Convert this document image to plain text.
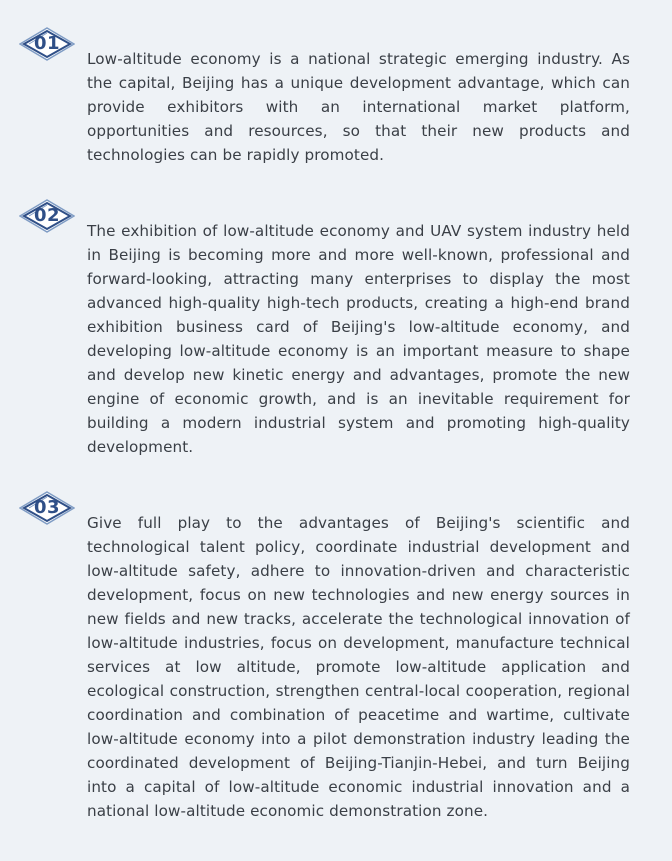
01

Low-altitude economy is a national strategic emerging industry. As the capital, Beijing has a unique development advantage, which can provide exhibitors with an international market platform, opportunities and resources, so that their new products and technologies can be rapidly promoted.

02

The exhibition of low-altitude economy and UAV system industry held in Beijing is becoming more and more well-known, professional and forward-looking, attracting many enterprises to display the most advanced high-quality high-tech products, creating a high-end brand exhibition business card of Beijing's low-altitude economy, and developing low-altitude economy is an important measure to shape and develop new kinetic energy and advantages, promote the new engine of economic growth, and is an inevitable requirement for building a modern industrial system and promoting high-quality development.

03

Give full play to the advantages of Beijing's scientific and technological talent policy, coordinate industrial development and low-altitude safety, adhere to innovation-driven and characteristic development, focus on new technologies and new energy sources in new fields and new tracks, accelerate the technological innovation of low-altitude industries, focus on development, manufacture technical services at low altitude, promote low-altitude application and ecological construction, strengthen central-local cooperation, regional coordination and combination of peacetime and wartime, cultivate low-altitude economy into a pilot demonstration industry leading the coordinated development of Beijing-Tianjin-Hebei, and turn Beijing into a capital of low-altitude economic industrial innovation and a national low-altitude economic demonstration zone.
